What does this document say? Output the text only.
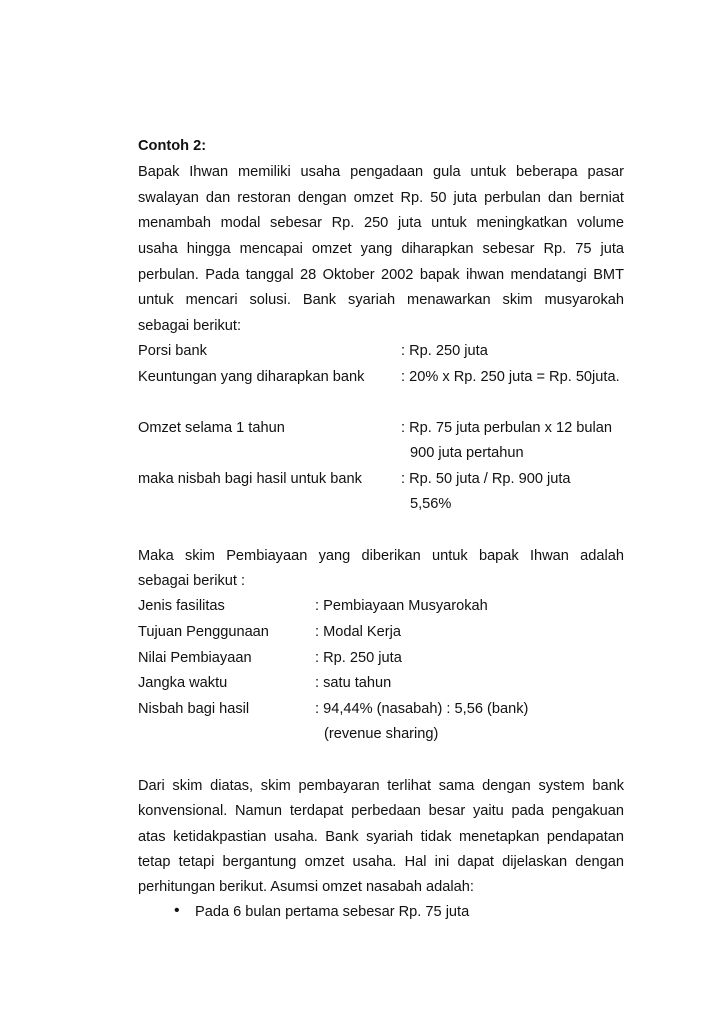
Contoh 2:
Bapak Ihwan memiliki usaha pengadaan gula untuk beberapa pasar
swalayan dan restoran dengan omzet Rp. 50 juta perbulan dan berniat
menambah modal sebesar Rp. 250 juta untuk meningkatkan volume
usaha hingga mencapai omzet yang diharapkan sebesar Rp. 75 juta
perbulan. Pada tanggal 28 Oktober 2002 bapak ihwan mendatangi BMT
untuk mencari solusi. Bank syariah menawarkan skim musyarokah
sebagai berikut:
Porsi bank	: Rp. 250 juta
Keuntungan yang diharapkan bank	: 20% x Rp. 250 juta = Rp. 50juta.
Omzet selama 1 tahun	: Rp. 75 juta perbulan x 12 bulan
900 juta pertahun
maka nisbah bagi hasil untuk bank	: Rp. 50 juta / Rp. 900 juta
5,56%
Maka skim Pembiayaan yang diberikan untuk bapak Ihwan adalah
sebagai berikut :
Jenis fasilitas	: Pembiayaan Musyarokah
Tujuan Penggunaan	: Modal Kerja
Nilai Pembiayaan	: Rp. 250 juta
Jangka waktu	: satu tahun
Nisbah bagi hasil	: 94,44% (nasabah) : 5,56 (bank)
(revenue sharing)
Dari skim diatas, skim pembayaran terlihat sama dengan system bank
konvensional. Namun terdapat perbedaan besar yaitu pada pengakuan
atas ketidakpastian usaha. Bank syariah tidak menetapkan pendapatan
tetap tetapi bergantung omzet usaha. Hal ini dapat dijelaskan dengan
perhitungan berikut. Asumsi omzet nasabah adalah:
• Pada 6 bulan pertama sebesar Rp. 75 juta
